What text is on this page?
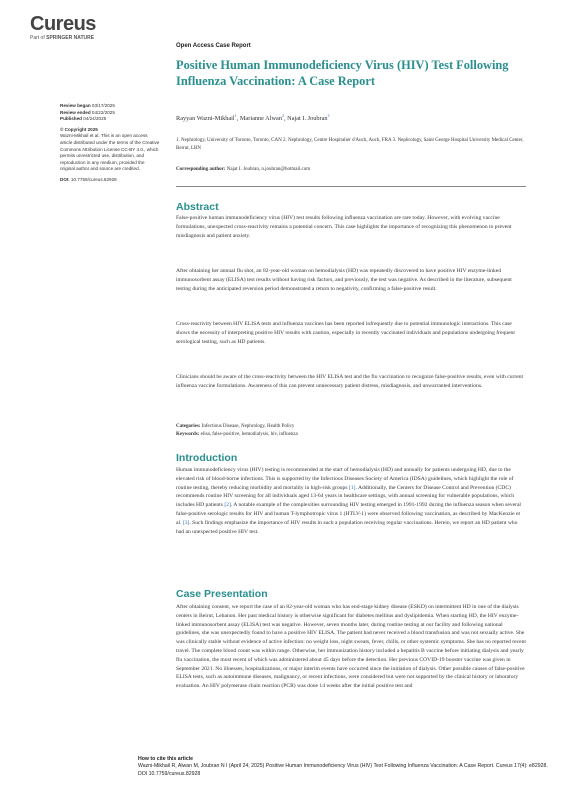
Cureus
Part of SPRINGER NATURE
Open Access Case Report
Positive Human Immunodeficiency Virus (HIV) Test Following Influenza Vaccination: A Case Report
Rayyan Wazni-Mikhail$^1$, Marianne Alwan$^2$, Najat I. Joubran$^3$
1. Nephrology, University of Toronto, Toronto, CAN 2. Nephrology, Centre Hospitalier d'Auch, Auch, FRA 3. Nephrology, Saint George Hospital University Medical Center, Beirut, LBN
Corresponding author: Najat I. Joubran, n.joubran@hotmail.com
Review began 03/17/2025
Review ended 04/22/2025
Published 04/24/2025
© Copyright 2025
Wazni-Mikhail et al. This is an open access article distributed under the terms of the Creative Commons Attribution License CC-BY 4.0., which permits unrestricted use, distribution, and reproduction in any medium, provided the original author and source are credited.
DOI: 10.7759/cureus.82928
Abstract

False-positive human immunodeficiency virus (HIV) test results following influenza vaccination are rare today. However, with evolving vaccine formulations, unexpected cross-reactivity remains a potential concern. This case highlights the importance of recognizing this phenomenon to prevent misdiagnosis and patient anxiety.

After obtaining her annual flu shot, an 82-year-old woman on hemodialysis (HD) was repeatedly discovered to have positive HIV enzyme-linked immunosorbent assay (ELISA) test results without having risk factors, and previously, the test was negative. As described in the literature, subsequent testing during the anticipated reversion period demonstrated a return to negativity, confirming a false-positive result.

Cross-reactivity between HIV ELISA tests and influenza vaccines has been reported infrequently due to potential immunologic interactions. This case shows the necessity of interpreting positive HIV results with caution, especially in recently vaccinated individuals and populations undergoing frequent serological testing, such as HD patients.

Clinicians should be aware of the cross-reactivity between the HIV ELISA test and the flu vaccination to recognize false-positive results, even with current influenza vaccine formulations. Awareness of this can prevent unnecessary patient distress, misdiagnosis, and unwarranted interventions.

Categories: Infectious Disease, Nephrology, Health Policy
Keywords: elisa, false-positive, hemodialysis, hiv, influenza
Introduction

Human immunodeficiency virus (HIV) testing is recommended at the start of hemodialysis (HD) and annually for patients undergoing HD, due to the elevated risk of blood-borne infections. This is supported by the Infectious Diseases Society of America (IDSA) guidelines, which highlight the role of routine testing, thereby reducing morbidity and mortality in high-risk groups [1]. Additionally, the Centers for Disease Control and Prevention (CDC) recommends routine HIV screening for all individuals aged 13-64 years in healthcare settings, with annual screening for vulnerable populations, which includes HD patients [2]. A notable example of the complexities surrounding HIV testing emerged in 1991-1992 during the influenza season when several false-positive serologic results for HIV and human T-lymphotropic virus 1 (HTLV-1) were observed following vaccination, as described by MacKenzie et al. [3]. Such findings emphasize the importance of HIV results in such a population receiving regular vaccinations. Herein, we report an HD patient who had an unexpected positive HIV test.

Case Presentation

After obtaining consent, we report the case of an 82-year-old woman who has end-stage kidney disease (ESKD) on intermittent HD in one of the dialysis centers in Beirut, Lebanon. Her past medical history is otherwise significant for diabetes mellitus and dyslipidemia. When starting HD, the HIV enzyme-linked immunosorbent assay (ELISA) test was negative. However, seven months later, during routine testing at our facility and following national guidelines, she was unexpectedly found to have a positive HIV ELISA. The patient had never received a blood transfusion and was not sexually active. She was clinically stable without evidence of active infection: no weight loss, night sweats, fever, chills, or other systemic symptoms. She has no reported recent travel. The complete blood count was within range. Otherwise, her immunization history included a hepatitis B vaccine before initiating dialysis and yearly flu vaccination, the most recent of which was administered about 45 days before the detection. Her previous COVID-19 booster vaccine was given in September 2021. No illnesses, hospitalizations, or major interim events have occurred since the initiation of dialysis. Other possible causes of false-positive ELISA tests, such as autoimmune diseases, malignancy, or recent infections, were considered but were not supported by the clinical history or laboratory evaluation. An HIV polymerase chain reaction (PCR) was done 14 weeks after the initial positive test and

How to cite this article
Wazni-Mikhail R, Alwan M, Joubran N I (April 24, 2025) Positive Human Immunodeficiency Virus (HIV) Test Following Influenza Vaccination: A Case Report. Cureus 17(4): e82928. DOI 10.7759/cureus.82928
